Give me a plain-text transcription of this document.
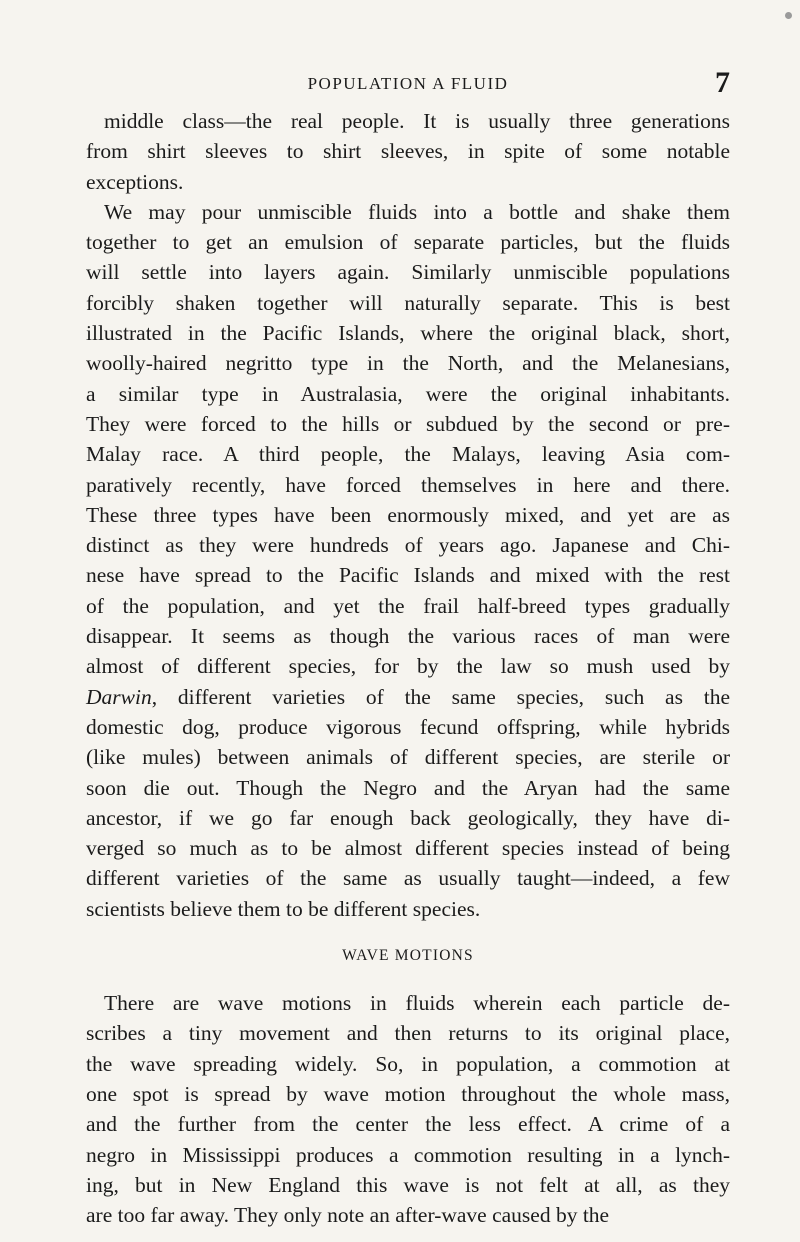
POPULATION A FLUID	7
middle class—the real people. It is usually three generations
from shirt sleeves to shirt sleeves, in spite of some notable
exceptions.
We may pour unmiscible fluids into a bottle and shake them
together to get an emulsion of separate particles, but the fluids
will settle into layers again. Similarly unmiscible populations
forcibly shaken together will naturally separate. This is best
illustrated in the Pacific Islands, where the original black, short,
woolly-haired negritto type in the North, and the Melanesians,
a similar type in Australasia, were the original inhabitants.
They were forced to the hills or subdued by the second or pre-
Malay race. A third people, the Malays, leaving Asia com-
paratively recently, have forced themselves in here and there.
These three types have been enormously mixed, and yet are as
distinct as they were hundreds of years ago. Japanese and Chi-
nese have spread to the Pacific Islands and mixed with the rest
of the population, and yet the frail half-breed types gradually
disappear. It seems as though the various races of man were
almost of different species, for by the law so mush used by
Darwin, different varieties of the same species, such as the
domestic dog, produce vigorous fecund offspring, while hybrids
(like mules) between animals of different species, are sterile or
soon die out. Though the Negro and the Aryan had the same
ancestor, if we go far enough back geologically, they have di-
verged so much as to be almost different species instead of being
different varieties of the same as usually taught—indeed, a few
scientists believe them to be different species.
WAVE MOTIONS
There are wave motions in fluids wherein each particle de-
scribes a tiny movement and then returns to its original place,
the wave spreading widely. So, in population, a commotion at
one spot is spread by wave motion throughout the whole mass,
and the further from the center the less effect. A crime of a
negro in Mississippi produces a commotion resulting in a lynch-
ing, but in New England this wave is not felt at all, as they
are too far away. They only note an after-wave caused by the
